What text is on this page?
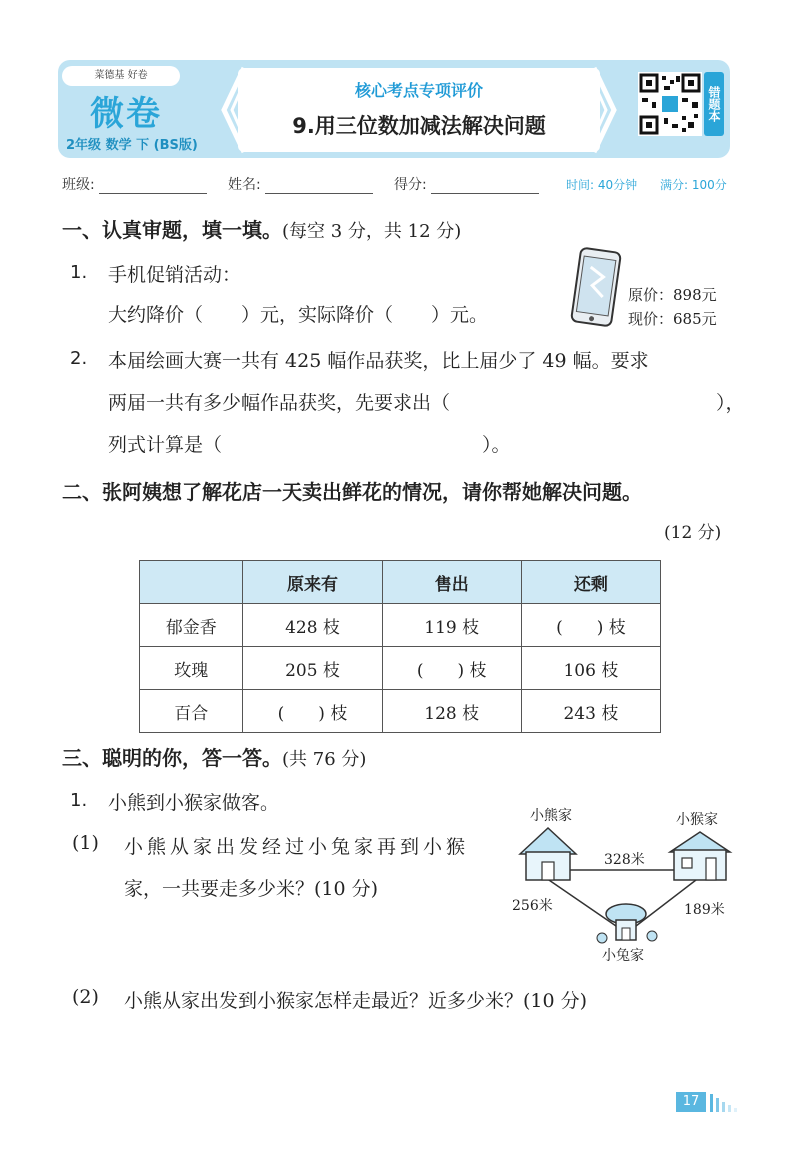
菜德基 好卷
微卷
2年级 数学 下 (BS版)
核心考点专项评价
9.用三位数加减法解决问题
错题本
班级:	姓名:	得分:	时间: 40分钟 满分: 100分
一、认真审题，填一填。(每空 3 分，共 12 分)
1. 手机促销活动：
大约降价（　　）元，实际降价（　　）元。
原价：898元
现价：685元
2. 本届绘画大赛一共有 425 幅作品获奖，比上届少了 49 幅。要求
两届一共有多少幅作品获奖，先要求出（	），
列式计算是（	）。
二、张阿姨想了解花店一天卖出鲜花的情况，请你帮她解决问题。
(12 分)
	原来有	售出	还剩
郁金香	428 枝	119 枝	(　　) 枝
玫瑰	205 枝	(　　) 枝	106 枝
百合	(　　) 枝	128 枝	243 枝
三、聪明的你，答一答。(共 76 分)
1. 小熊到小猴家做客。
(1) 小熊从家出发经过小兔家再到小猴
家，一共要走多少米？(10 分)
小熊家	小猴家
小兔家
328米
256米	189米
(2) 小熊从家出发到小猴家怎样走最近？近多少米？(10 分)
17
